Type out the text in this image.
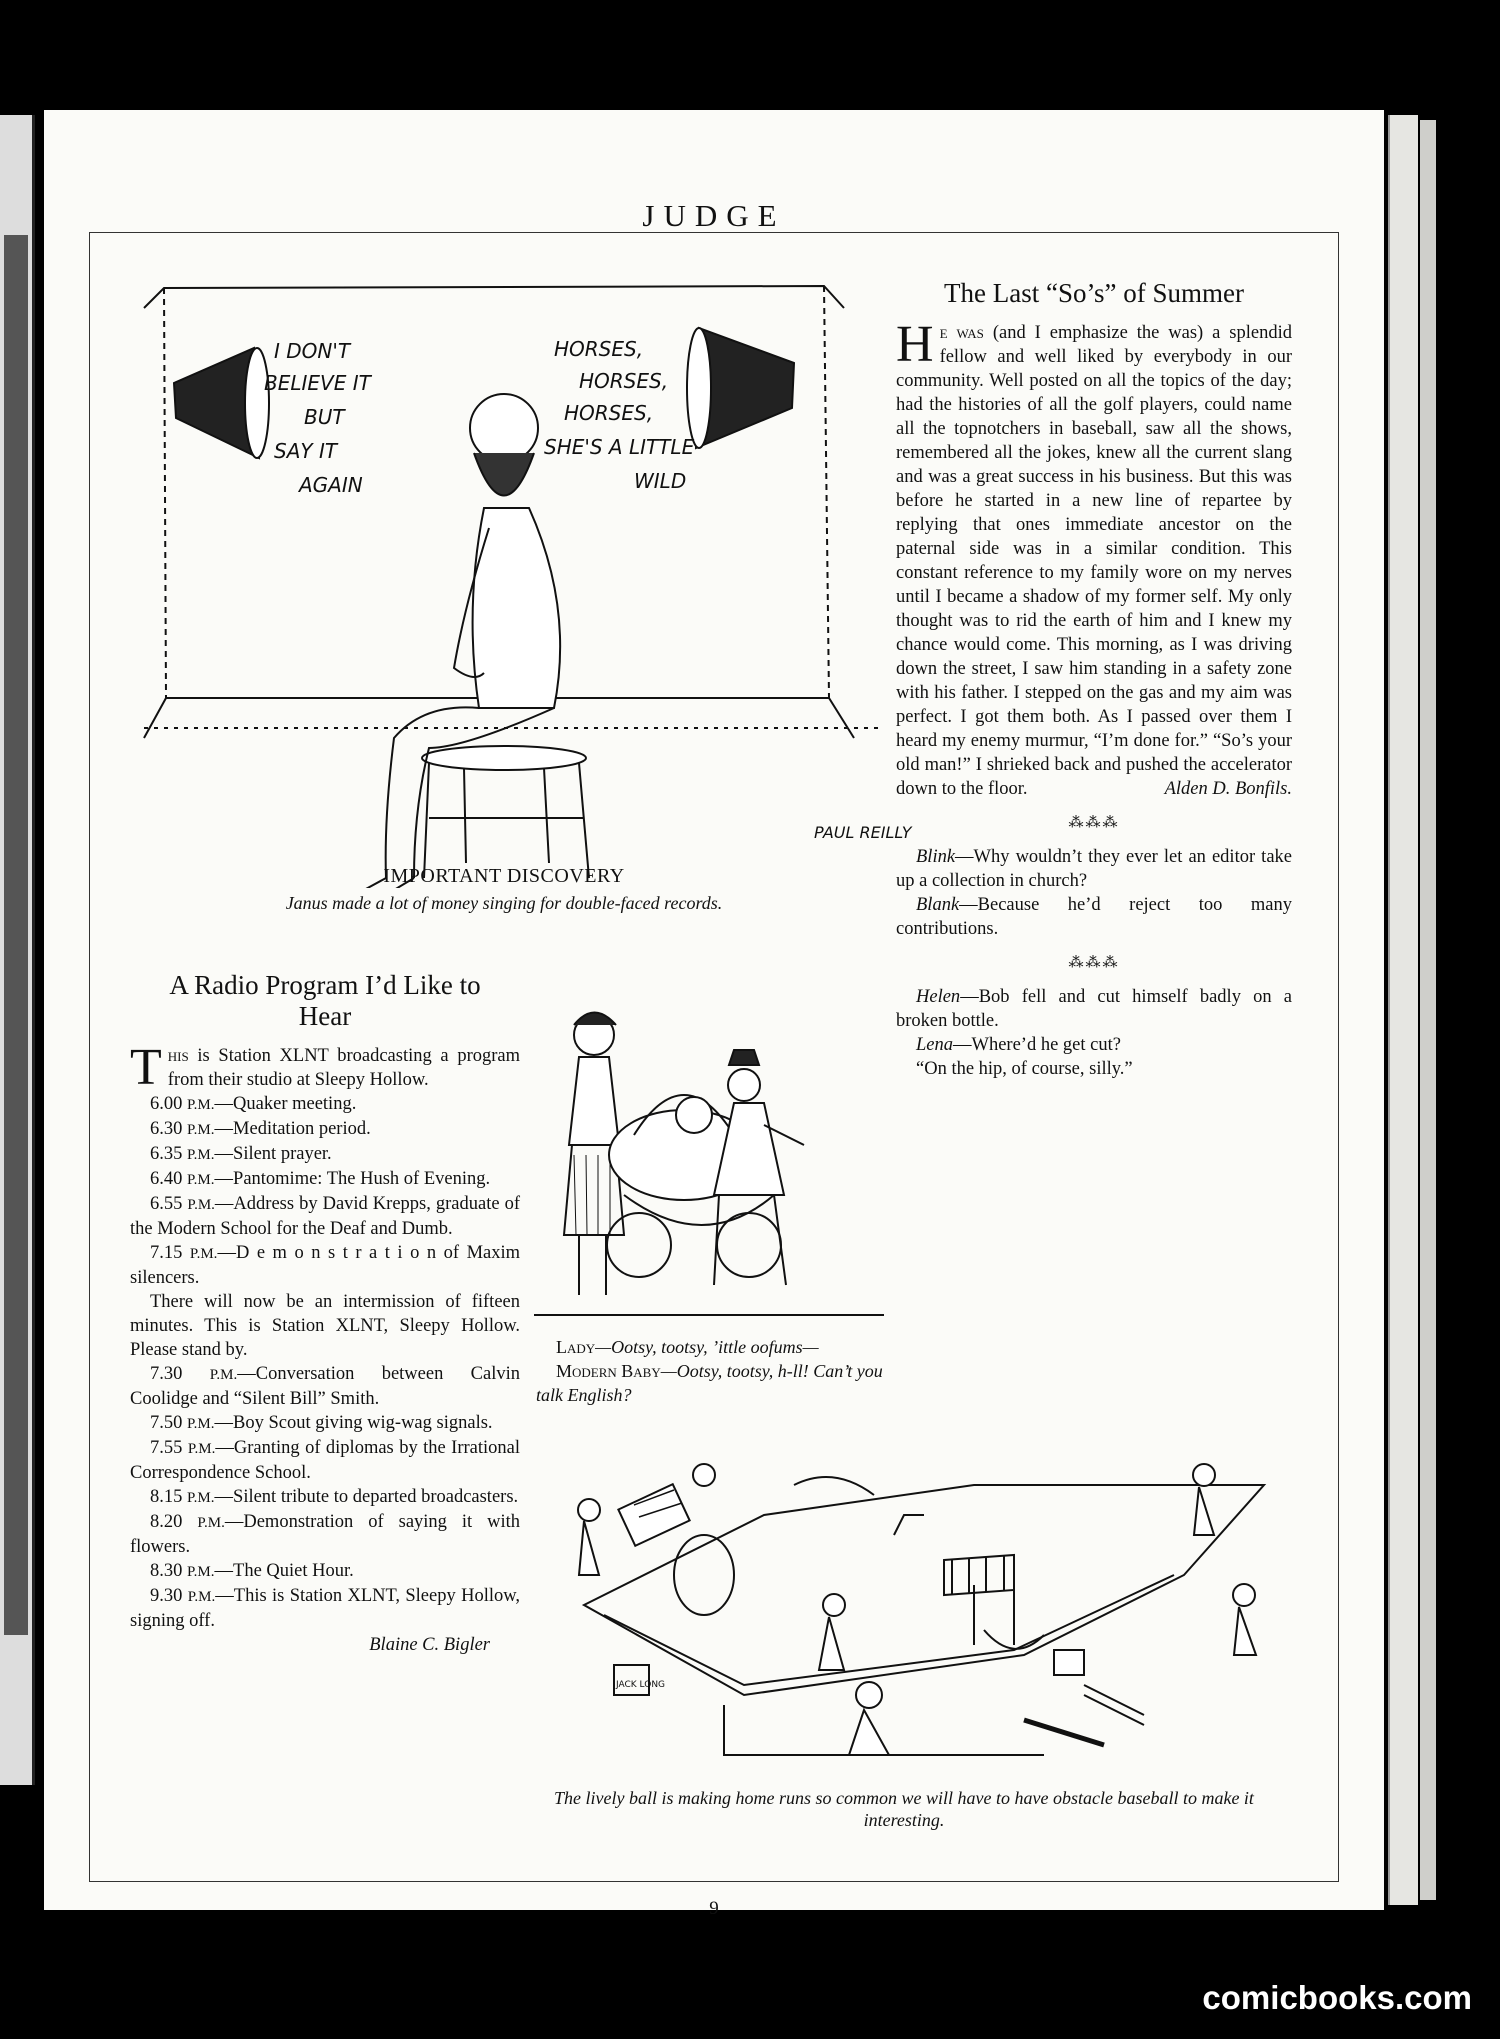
JUDGE
I DON'T
BELIEVE IT
BUT
SAY IT
AGAIN
HORSES,
HORSES,
HORSES,
SHE'S A LITTLE
WILD
PAUL REILLY
IMPORTANT DISCOVERY
Janus made a lot of money singing for double-faced records.
The Last “So’s” of Summer

He was (and I emphasize the was) a splendid fellow and well liked by everybody in our community. Well posted on all the topics of the day; had the histories of all the golf players, could name all the topnotchers in baseball, saw all the shows, remembered all the jokes, knew all the current slang and was a great success in his business. But this was before he started in a new line of repartee by replying that ones immediate ancestor on the paternal side was in a similar condition. This constant reference to my family wore on my nerves until I became a shadow of my former self. My only thought was to rid the earth of him and I knew my chance would come. This morning, as I was driving down the street, I saw him standing in a safety zone with his father. I stepped on the gas and my aim was perfect. I got them both. As I passed over them I heard my enemy murmur, “I’m done for.” “So’s your old man!” I shrieked back and pushed the accelerator down to the floor.	Alden D. Bonfils.

⁂⁂⁂

Blink—Why wouldn’t they ever let an editor take up a collection in church?

Blank—Because he’d reject too many contributions.

⁂⁂⁂

Helen—Bob fell and cut himself badly on a broken bottle.

Lena—Where’d he get cut?

“On the hip, of course, silly.”

A Radio Program I’d Like to Hear

This is Station XLNT broadcasting a program from their studio at Sleepy Hollow.

6.00 P.M.—Quaker meeting.

6.30 P.M.—Meditation period.

6.35 P.M.—Silent prayer.

6.40 P.M.—Pantomime: The Hush of Evening.

6.55 P.M.—Address by David Krepps, graduate of the Modern School for the Deaf and Dumb.

7.15 P.M.—D e m o n s t r a t i o n of Maxim silencers.

There will now be an intermission of fifteen minutes. This is Station XLNT, Sleepy Hollow. Please stand by.

7.30 P.M.—Conversation between Calvin Coolidge and “Silent Bill” Smith.

7.50 P.M.—Boy Scout giving wig-wag signals.

7.55 P.M.—Granting of diplomas by the Irrational Correspondence School.

8.15 P.M.—Silent tribute to departed broadcasters.

8.20 P.M.—Demonstration of saying it with flowers.

8.30 P.M.—The Quiet Hour.

9.30 P.M.—This is Station XLNT, Sleepy Hollow, signing off.

Blaine C. Bigler

Lady—Ootsy, tootsy, ’ittle oofums—

Modern Baby—Ootsy, tootsy, h-ll! Can’t you talk English?

JACK LONG
The lively ball is making home runs so common we will have to have obstacle baseball to make it interesting.
9
comicbooks.com
